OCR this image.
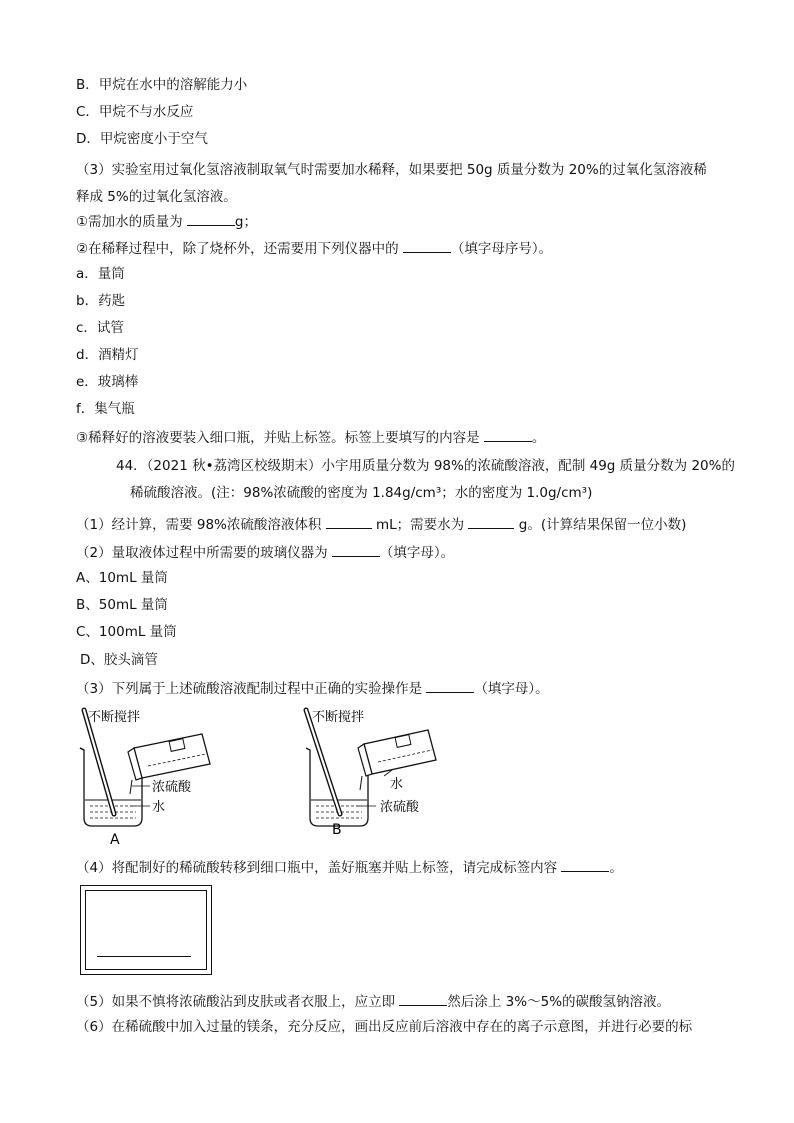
B．甲烷在水中的溶解能力小
C．甲烷不与水反应
D．甲烷密度小于空气
（3）实验室用过氧化氢溶液制取氧气时需要加水稀释，如果要把 50g 质量分数为 20%的过氧化氢溶液稀释成 5%的过氧化氢溶液。
①需加水的质量为	g；
②在稀释过程中，除了烧杯外，还需要用下列仪器中的	（填字母序号）。
a．量筒
b．药匙
c．试管
d．酒精灯
e．玻璃棒
f．集气瓶
③稀释好的溶液要装入细口瓶，并贴上标签。标签上要填写的内容是	。
44．（2021 秋•荔湾区校级期末）小宇用质量分数为 98%的浓硫酸溶液，配制 49g 质量分数为 20%的
稀硫酸溶液。(注：98%浓硫酸的密度为 1.84g/cm³；水的密度为 1.0g/cm³)
（1）经计算，需要 98%浓硫酸溶液体积	mL；需要水为	g。(计算结果保留一位小数)
（2）量取液体过程中所需要的玻璃仪器为	（填字母）。
A、10mL 量筒
B、50mL 量筒
C、100mL 量筒
D、胶头滴管
（3）下列属于上述硫酸溶液配制过程中正确的实验操作是	（填字母）。
不断搅拌
浓硫酸
水
A
不断搅拌
水
浓硫酸
B
（4）将配制好的稀硫酸转移到细口瓶中，盖好瓶塞并贴上标签，请完成标签内容	。
（5）如果不慎将浓硫酸沾到皮肤或者衣服上，应立即	然后涂上 3%～5%的碳酸氢钠溶液。
（6）在稀硫酸中加入过量的镁条，充分反应，画出反应前后溶液中存在的离子示意图，并进行必要的标
